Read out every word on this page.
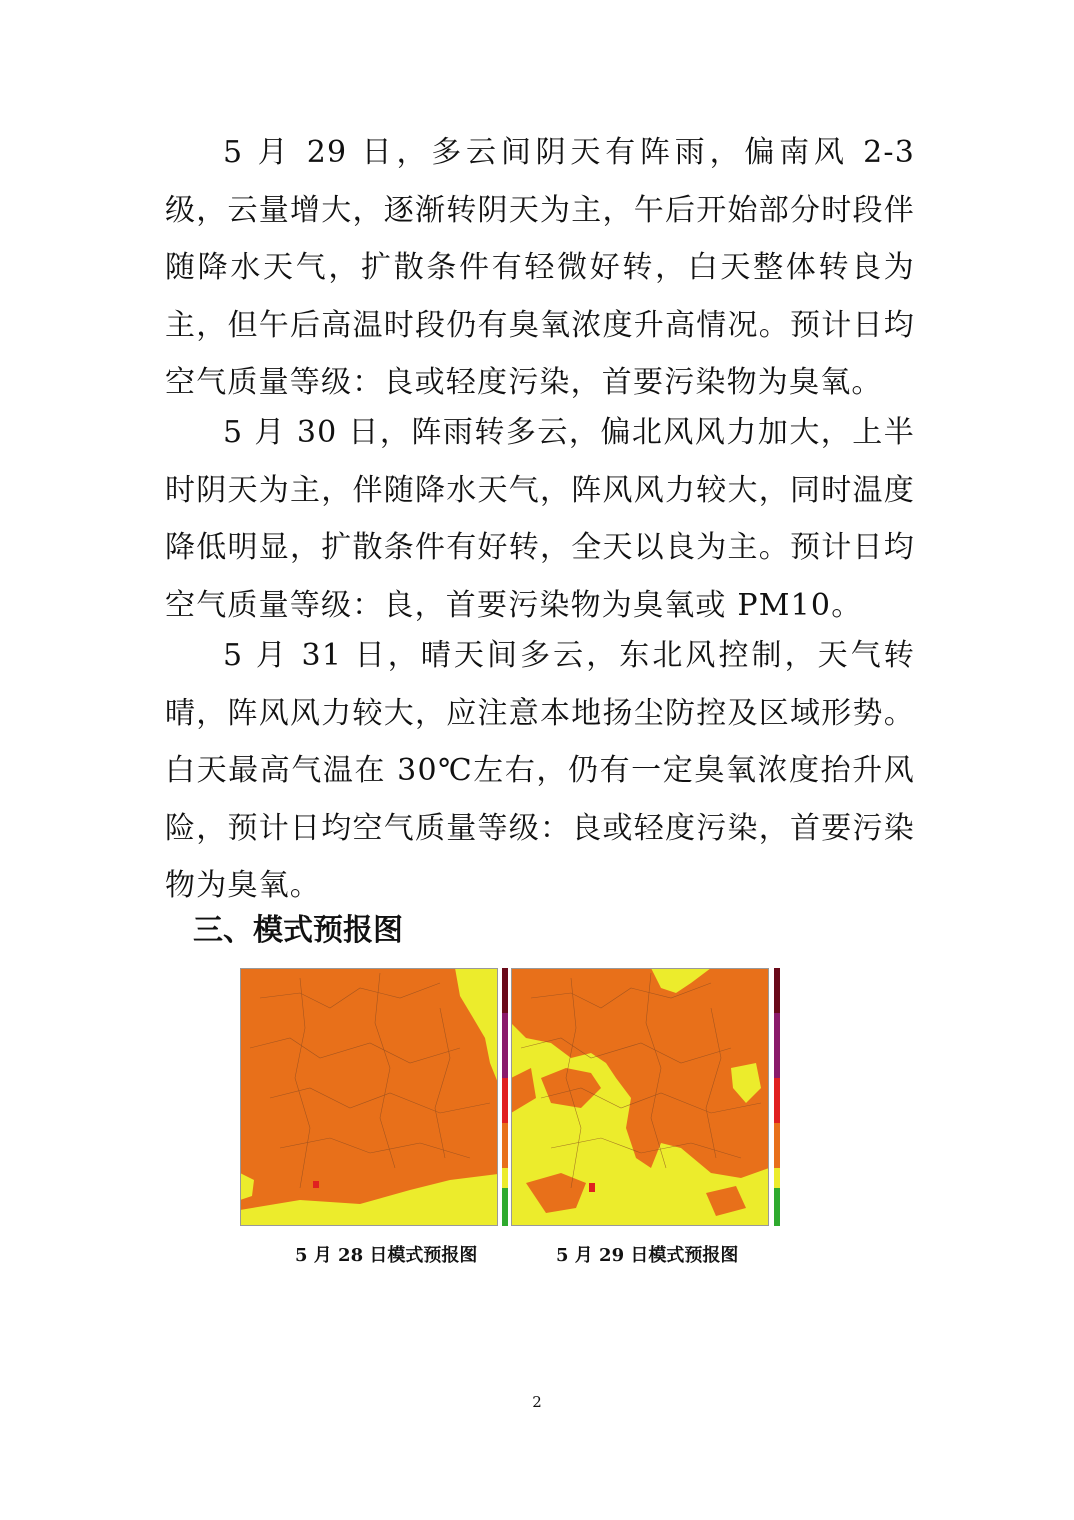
5 月 29 日，多云间阴天有阵雨，偏南风 2-3 级，云量增大，逐渐转阴天为主，午后开始部分时段伴随降水天气，扩散条件有轻微好转，白天整体转良为主，但午后高温时段仍有臭氧浓度升高情况。预计日均空气质量等级：良或轻度污染，首要污染物为臭氧。

5 月 30 日，阵雨转多云，偏北风风力加大，上半时阴天为主，伴随降水天气，阵风风力较大，同时温度降低明显，扩散条件有好转，全天以良为主。预计日均空气质量等级：良，首要污染物为臭氧或 PM10。

5 月 31 日，晴天间多云，东北风控制，天气转晴，阵风风力较大，应注意本地扬尘防控及区域形势。白天最高气温在 30℃左右，仍有一定臭氧浓度抬升风险，预计日均空气质量等级：良或轻度污染，首要污染物为臭氧。

三、模式预报图
5 月 28 日模式预报图	5 月 29 日模式预报图
2
